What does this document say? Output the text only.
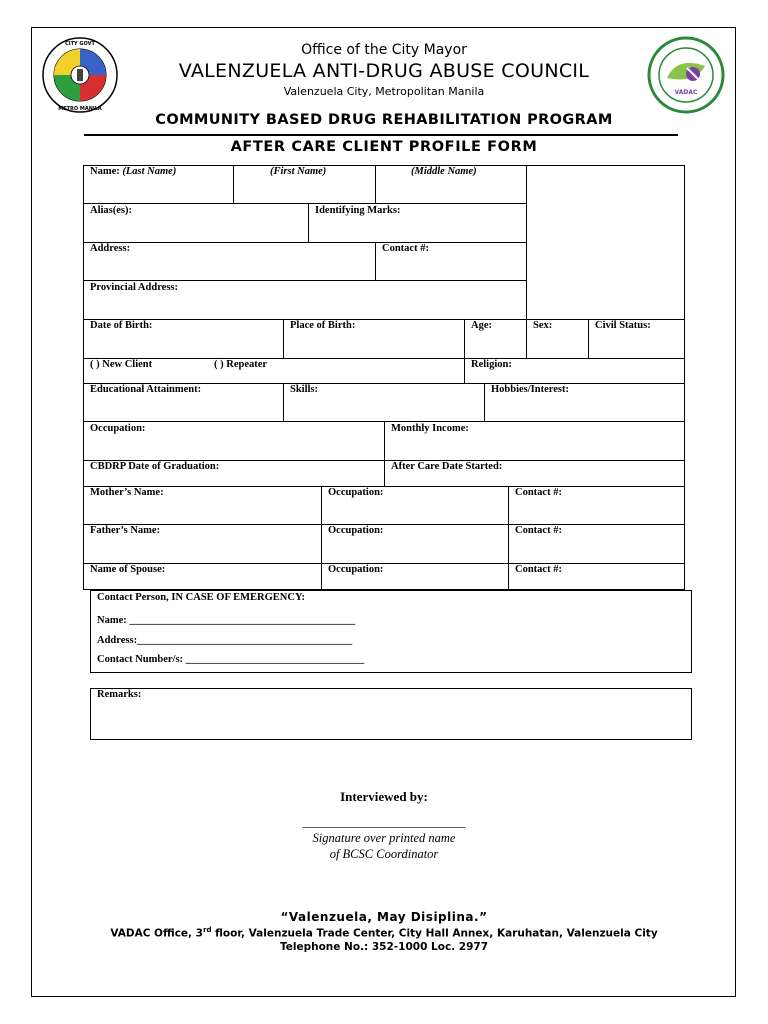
CITY GOVT
METRO MANILA
VADAC
Office of the City Mayor
VALENZUELA ANTI-DRUG ABUSE COUNCIL
Valenzuela City, Metropolitan Manila
COMMUNITY BASED DRUG REHABILITATION PROGRAM
AFTER CARE CLIENT PROFILE FORM
Name: (Last Name)	(First Name)	(Middle Name)
Alias(es):	Identifying Marks:
Address:	Contact #:
Provincial Address:
Date of Birth:	Place of Birth:	Age:	Sex:	Civil Status:
( ) New Client	( ) Repeater	Religion:
Educational Attainment:	Skills:	Hobbies/Interest:
Occupation:	Monthly Income:
CBDRP Date of Graduation:	After Care Date Started:
Mother’s Name:	Occupation:	Contact #:
Father’s Name:	Occupation:	Contact #:
Name of Spouse:	Occupation:	Contact #:
Contact Person, IN CASE OF EMERGENCY:
Name: ___________________________________________
Address:_________________________________________
Contact Number/s: __________________________________
Remarks:
Interviewed by:
_________________________
Signature over printed name
of BCSC Coordinator
“Valenzuela, May Disiplina.”
VADAC Office, 3rd floor, Valenzuela Trade Center, City Hall Annex, Karuhatan, Valenzuela City
Telephone No.: 352-1000 Loc. 2977
